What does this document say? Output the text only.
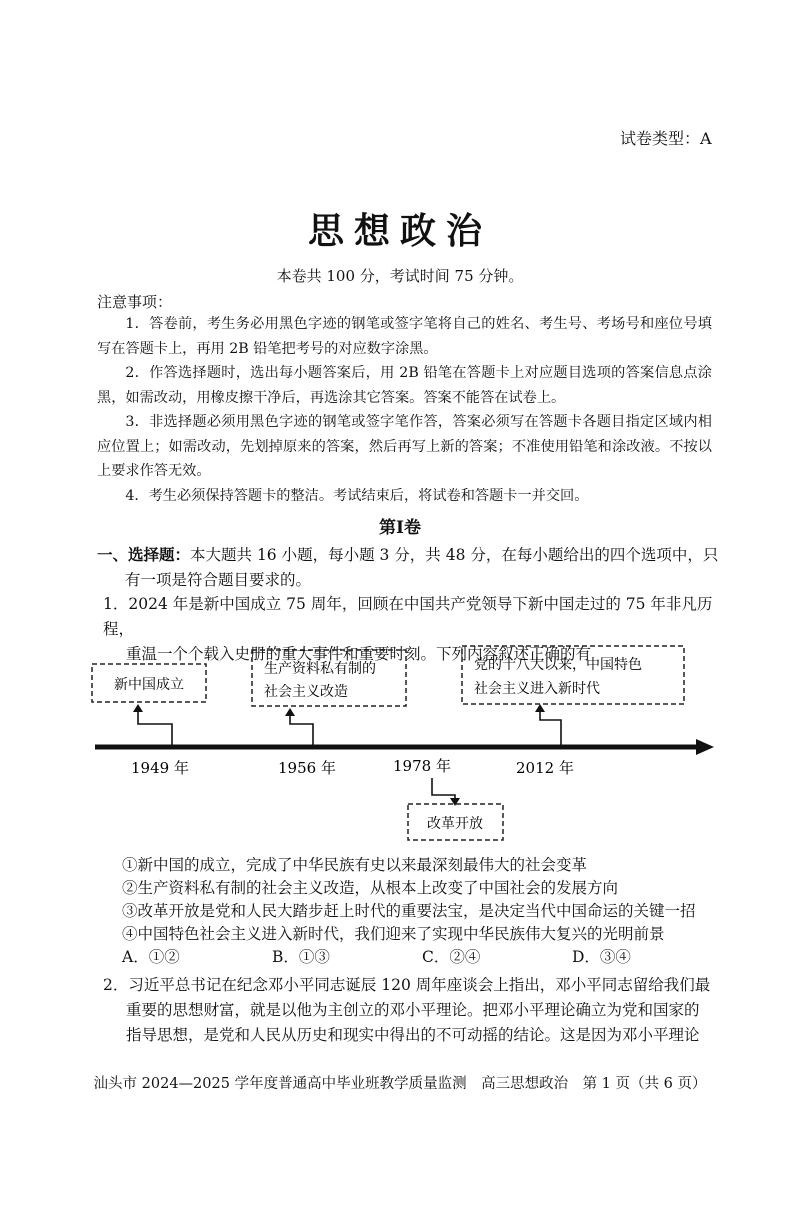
试卷类型：A
思想政治
本卷共 100 分，考试时间 75 分钟。
注意事项：
1．答卷前，考生务必用黑色字迹的钢笔或签字笔将自己的姓名、考生号、考场号和座位号填写在答题卡上，再用 2B 铅笔把考号的对应数字涂黑。
2．作答选择题时，选出每小题答案后，用 2B 铅笔在答题卡上对应题目选项的答案信息点涂黑，如需改动，用橡皮擦干净后，再选涂其它答案。答案不能答在试卷上。
3．非选择题必须用黑色字迹的钢笔或签字笔作答，答案必须写在答题卡各题目指定区域内相应位置上；如需改动，先划掉原来的答案，然后再写上新的答案；不准使用铅笔和涂改液。不按以上要求作答无效。
4．考生必须保持答题卡的整洁。考试结束后，将试卷和答题卡一并交回。
第Ⅰ卷
一、选择题：本大题共 16 小题，每小题 3 分，共 48 分，在每小题给出的四个选项中，只
有一项是符合题目要求的。
1．2024 年是新中国成立 75 周年，回顾在中国共产党领导下新中国走过的 75 年非凡历程，
重温一个个载入史册的重大事件和重要时刻。下列内容叙述正确的有
新中国成立
1949 年
生产资料私有制的
社会主义改造
1956 年	1978 年
改革开放
党的十八大以来，中国特色
社会主义进入新时代
2012 年
①新中国的成立，完成了中华民族有史以来最深刻最伟大的社会变革
②生产资料私有制的社会主义改造，从根本上改变了中国社会的发展方向
③改革开放是党和人民大踏步赶上时代的重要法宝，是决定当代中国命运的关键一招
④中国特色社会主义进入新时代，我们迎来了实现中华民族伟大复兴的光明前景
A．①②	B．①③	C．②④	D．③④
2．习近平总书记在纪念邓小平同志诞辰 120 周年座谈会上指出，邓小平同志留给我们最
重要的思想财富，就是以他为主创立的邓小平理论。把邓小平理论确立为党和国家的
指导思想，是党和人民从历史和现实中得出的不可动摇的结论。这是因为邓小平理论
汕头市 2024—2025 学年度普通高中毕业班教学质量监测　高三思想政治　第 1 页（共 6 页）
